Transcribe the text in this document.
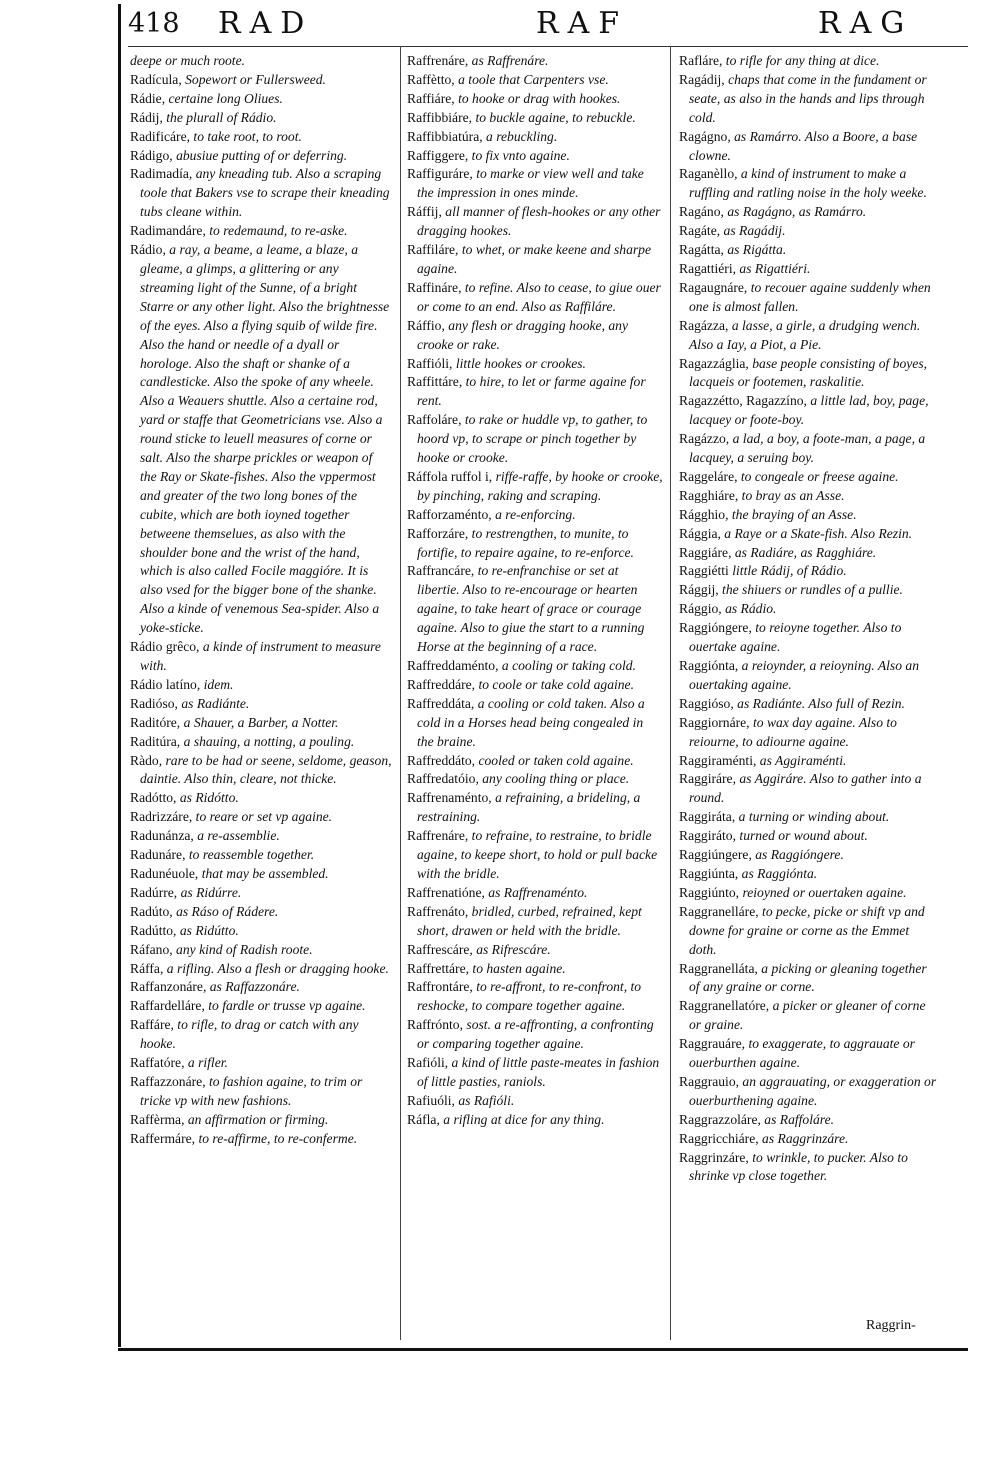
418 RAD	RAF	RAG
deepe or much roote.
Radícula, Sopewort or Fullersweed.
Rádie, certaine long Oliues.
Rádij, the plurall of Rádio.
Radificáre, to take root, to root.
Rádigo, abusiue putting of or deferring.
Radimadía, any kneading tub. Also a scraping toole that Bakers vse to scrape their kneading tubs cleane within.
Radimandáre, to redemaund, to re-aske.
Rádio, a ray, a beame, a leame, a blaze, a gleame, a glimps, a glittering or any streaming light of the Sunne, of a bright Starre or any other light. Also the brightnesse of the eyes. Also a flying squib of wilde fire. Also the hand or needle of a dyall or horologe. Also the shaft or shanke of a candlesticke. Also the spoke of any wheele. Also a Weauers shuttle. Also a certaine rod, yard or staffe that Geometricians vse. Also a round sticke to leuell measures of corne or salt. Also the sharpe prickles or weapon of the Ray or Skate-fishes. Also the vppermost and greater of the two long bones of the cubite, which are both ioyned together betweene themselues, as also with the shoulder bone and the wrist of the hand, which is also called Focile maggióre. It is also vsed for the bigger bone of the shanke. Also a kinde of venemous Sea-spider. Also a yoke-sticke.
Rádio grêco, a kinde of instrument to measure with.
Rádio latíno, idem.
Radióso, as Radiánte.
Raditóre, a Shauer, a Barber, a Notter.
Raditúra, a shauing, a notting, a pouling.
Ràdo, rare to be had or seene, seldome, geason, daintie. Also thin, cleare, not thicke.
Radótto, as Ridótto.
Radrizzáre, to reare or set vp againe.
Radunánza, a re-assemblie.
Radunáre, to reassemble together.
Radunéuole, that may be assembled.
Radúrre, as Ridúrre.
Radúto, as Ráso of Rádere.
Radútto, as Ridútto.
Ráfano, any kind of Radish roote.
Ráffa, a rifling. Also a flesh or dragging hooke.
Raffanzonáre, as Raffazzonáre.
Raffardelláre, to fardle or trusse vp againe.
Raffáre, to rifle, to drag or catch with any hooke.
Raffatóre, a rifler.
Raffazzonáre, to fashion againe, to trim or tricke vp with new fashions.
Raffèrma, an affirmation or firming.
Raffermáre, to re-affirme, to re-conferme.
Raffrenáre, as Raffrenáre.
Raffètto, a toole that Carpenters vse.
Raffiáre, to hooke or drag with hookes.
Raffibbiáre, to buckle againe, to rebuckle.
Raffibbiatúra, a rebuckling.
Raffiggere, to fix vnto againe.
Raffiguráre, to marke or view well and take the impression in ones minde.
Ráffij, all manner of flesh-hookes or any other dragging hookes.
Raffiláre, to whet, or make keene and sharpe againe.
Raffináre, to refine. Also to cease, to giue ouer or come to an end. Also as Raffiláre.
Ráffio, any flesh or dragging hooke, any crooke or rake.
Raffióli, little hookes or crookes.
Raffittáre, to hire, to let or farme againe for rent.
Raffoláre, to rake or huddle vp, to gather, to hoord vp, to scrape or pinch together by hooke or crooke.
Ráffola ruffol i, riffe-raffe, by hooke or crooke, by pinching, raking and scraping.
Rafforzaménto, a re-enforcing.
Rafforzáre, to restrengthen, to munite, to fortifie, to repaire againe, to re-enforce.
Raffrancáre, to re-enfranchise or set at libertie. Also to re-encourage or hearten againe, to take heart of grace or courage againe. Also to giue the start to a running Horse at the beginning of a race.
Raffreddaménto, a cooling or taking cold.
Raffreddáre, to coole or take cold againe.
Raffreddáta, a cooling or cold taken. Also a cold in a Horses head being congealed in the braine.
Raffreddáto, cooled or taken cold againe.
Raffredatóio, any cooling thing or place.
Raffrenaménto, a refraining, a brideling, a restraining.
Raffrenáre, to refraine, to restraine, to bridle againe, to keepe short, to hold or pull backe with the bridle.
Raffrenatióne, as Raffrenaménto.
Raffrenáto, bridled, curbed, refrained, kept short, drawen or held with the bridle.
Raffrescáre, as Rifrescáre.
Raffrettáre, to hasten againe.
Raffrontáre, to re-affront, to re-confront, to reshocke, to compare together againe.
Raffrónto, sost. a re-affronting, a confronting or comparing together againe.
Rafióli, a kind of little paste-meates in fashion of little pasties, raniols.
Rafiuóli, as Rafióli.
Ráfla, a rifling at dice for any thing.
Rafláre, to rifle for any thing at dice.
Ragádij, chaps that come in the fundament or seate, as also in the hands and lips through cold.
Ragágno, as Ramárro. Also a Boore, a base clowne.
Raganèllo, a kind of instrument to make a ruffling and ratling noise in the holy weeke.
Ragáno, as Ragágno, as Ramárro.
Ragáte, as Ragádij.
Ragátta, as Rigátta.
Ragattiéri, as Rigattiéri.
Ragaugnáre, to recouer againe suddenly when one is almost fallen.
Ragázza, a lasse, a girle, a drudging wench. Also a Iay, a Piot, a Pie.
Ragazzáglia, base people consisting of boyes, lacqueis or footemen, raskalitie.
Ragazzétto, Ragazzíno, a little lad, boy, page, lacquey or foote-boy.
Ragázzo, a lad, a boy, a foote-man, a page, a lacquey, a seruing boy.
Raggeláre, to congeale or freese againe.
Ragghiáre, to bray as an Asse.
Rágghio, the braying of an Asse.
Rággia, a Raye or a Skate-fish. Also Rezin.
Raggiáre, as Radiáre, as Ragghiáre.
Raggiétti little Rádij, of Rádio.
Rággij, the shiuers or rundles of a pullie.
Rággio, as Rádio.
Raggióngere, to reioyne together. Also to ouertake againe.
Raggiónta, a reioynder, a reioyning. Also an ouertaking againe.
Raggióso, as Radiánte. Also full of Rezin.
Raggiornáre, to wax day againe. Also to reiourne, to adiourne againe.
Raggiraménti, as Aggiraménti.
Raggiráre, as Aggiráre. Also to gather into a round.
Raggiráta, a turning or winding about.
Raggiráto, turned or wound about.
Raggiúngere, as Raggióngere.
Raggiúnta, as Raggiónta.
Raggiúnto, reioyned or ouertaken againe.
Raggranelláre, to pecke, picke or shift vp and downe for graine or corne as the Emmet doth.
Raggranelláta, a picking or gleaning together of any graine or corne.
Raggranellatóre, a picker or gleaner of corne or graine.
Raggrauáre, to exaggerate, to aggrauate or ouerburthen againe.
Raggrauio, an aggrauating, or exaggeration or ouerburthening againe.
Raggrazzoláre, as Raffoláre.
Raggricchiáre, as Raggrinzáre.
Raggrinzáre, to wrinkle, to pucker. Also to shrinke vp close together.
Raggrin-
